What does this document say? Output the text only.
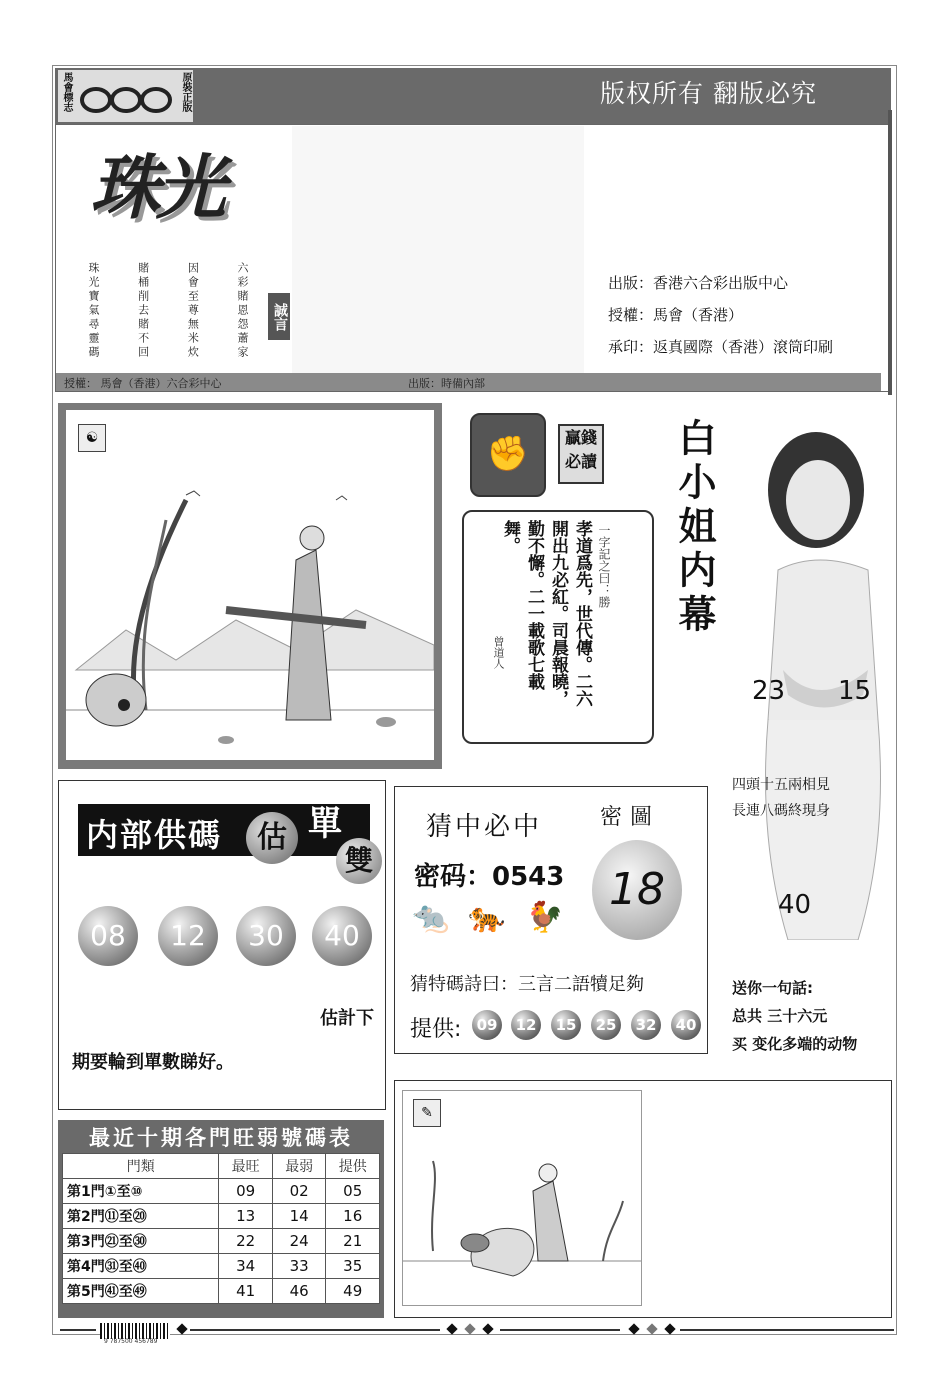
馬會標志	原裝正版	版权所有 翻版必究
珠光
六彩賭恩怨蕭家
因會至尊無米炊
賭桶削去賭不回
珠光寶氣尋靈碼	誠言
出版：香港六合彩出版中心
授權：馬會（香港）
承印：返真國際（香港）滾筒印刷
授權： 馬會（香港）六合彩中心	出版：時備內部
☯	✊	贏錢必讀
一字記之曰：勝
孝道爲先，世代傳。二六開出九必紅。司晨報曉，勤不懈。二一載歌七載舞。
曾道人
白小姐内幕
23 15
四頭十五兩相見
長連八碼終現身
40
送你一句話:
总共 三十六元
买 变化多端的动物
内部供碼	估 單
雙
08	12	30	40
估計下
期要輪到單數睇好。
猜中必中	密圖
密码：0543	18
🐀 🐅 🐓
猜特碼詩曰：三言二語犢足夠
提供:	09	12	15	25	32	40
最近十期各門旺弱號碼表
門類	最旺	最弱	提供
第1門①至⑩	09	02	05
第2門⑪至⑳	13	14	16
第3門㉑至㉚	22	24	21
第4門㉛至㊵	34	33	35
第5門㊶至㊾	41	46	49
✎
9 787500 456789
